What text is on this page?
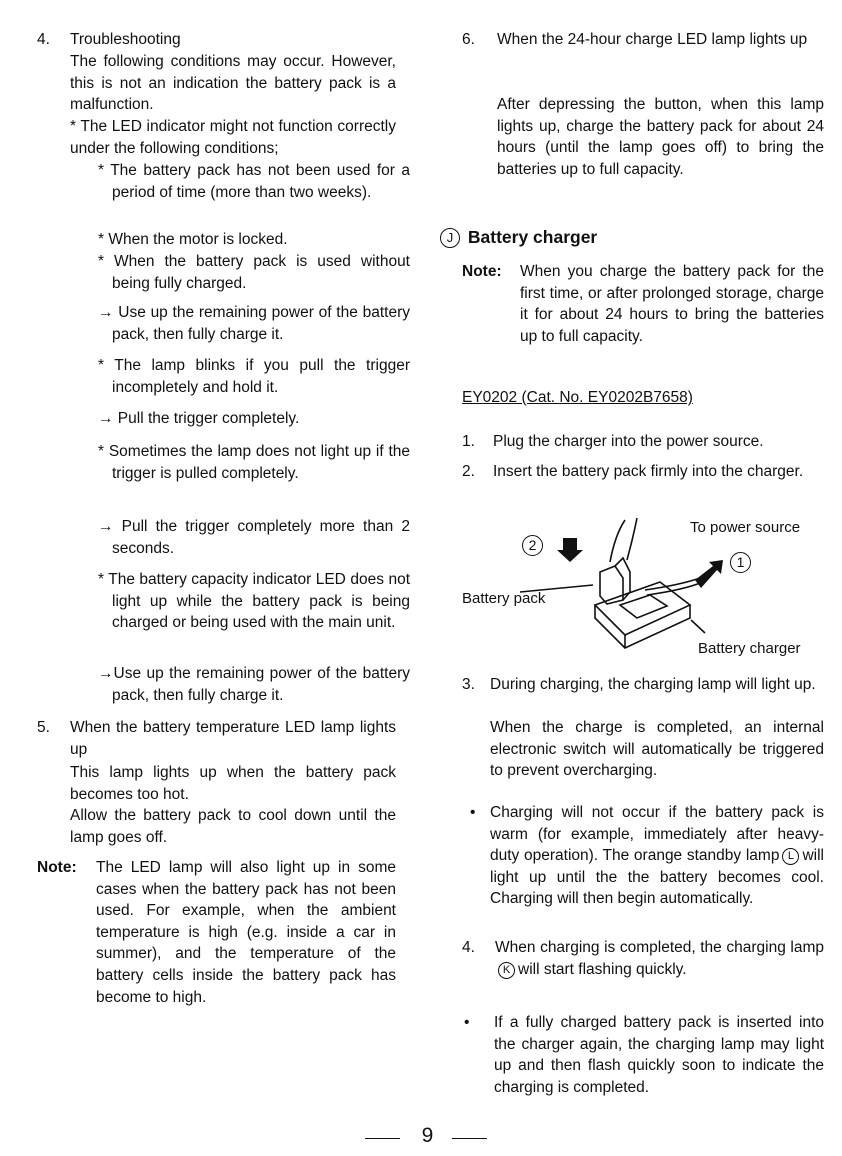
4. Troubleshooting
The following conditions may occur. However, this is not an indication the battery pack is a malfunction.
* The LED indicator might not function correctly under the following conditions;
* The battery pack has not been used for a period of time (more than two weeks).
* When the motor is locked.
* When the battery pack is used without being fully charged.
→ Use up the remaining power of the battery pack, then fully charge it.
* The lamp blinks if you pull the trigger incompletely and hold it.
→ Pull the trigger completely.
* Sometimes the lamp does not light up if the trigger is pulled completely.
→ Pull the trigger completely more than 2 seconds.
* The battery capacity indicator LED does not light up while the battery pack is being charged or being used with the main unit.
→Use up the remaining power of the battery pack, then fully charge it.
5. When the battery temperature LED lamp lights up
This lamp lights up when the battery pack becomes too hot.
Allow the battery pack to cool down until the lamp goes off.
Note: The LED lamp will also light up in some cases when the battery pack has not been used. For example, when the ambient temperature is high (e.g. inside a car in summer), and the temperature of the battery cells inside the battery pack has become to high.
6. When the 24-hour charge LED lamp lights up
After depressing the button, when this lamp lights up, charge the battery pack for about 24 hours (until the lamp goes off) to bring the batteries up to full capacity.
J Battery charger
Note: When you charge the battery pack for the first time, or after prolonged storage, charge it for about 24 hours to bring the batteries up to full capacity.
EY0202 (Cat. No. EY0202B7658)
1. Plug the charger into the power source.
2. Insert the battery pack firmly into the charger.
To power source
Battery pack
Battery charger
2
1
3. During charging, the charging lamp will light up.
When the charge is completed, an internal electronic switch will automatically be triggered to prevent overcharging.
• Charging will not occur if the battery pack is warm (for example, immediately after heavy-duty operation). The orange standby lamp L will light up until the the battery becomes cool. Charging will then begin automatically.
4. When charging is completed, the charging lampK will start flashing quickly.
• If a fully charged battery pack is inserted into the charger again, the charging lamp may light up and then flash quickly soon to indicate the charging is completed.
9
